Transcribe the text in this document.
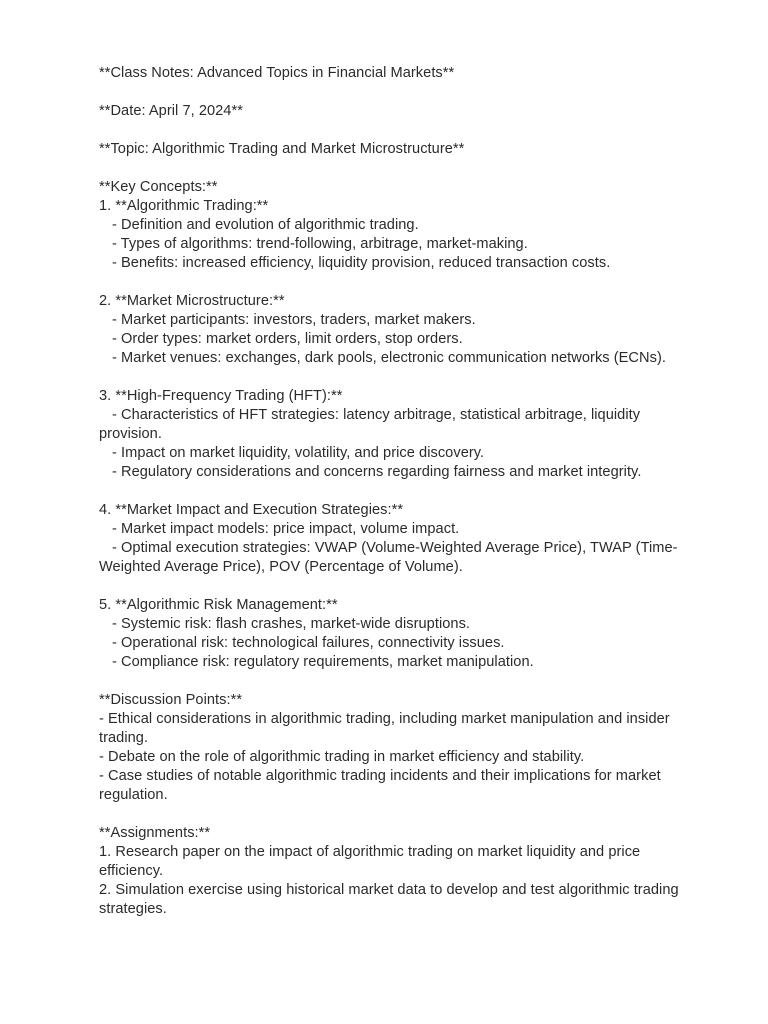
**Class Notes: Advanced Topics in Financial Markets**
**Date: April 7, 2024**
**Topic: Algorithmic Trading and Market Microstructure**
**Key Concepts:**
1. **Algorithmic Trading:**
- Definition and evolution of algorithmic trading.
- Types of algorithms: trend-following, arbitrage, market-making.
- Benefits: increased efficiency, liquidity provision, reduced transaction costs.
2. **Market Microstructure:**
- Market participants: investors, traders, market makers.
- Order types: market orders, limit orders, stop orders.
- Market venues: exchanges, dark pools, electronic communication networks (ECNs).
3. **High-Frequency Trading (HFT):**
- Characteristics of HFT strategies: latency arbitrage, statistical arbitrage, liquidity provision.
- Impact on market liquidity, volatility, and price discovery.
- Regulatory considerations and concerns regarding fairness and market integrity.
4. **Market Impact and Execution Strategies:**
- Market impact models: price impact, volume impact.
- Optimal execution strategies: VWAP (Volume-Weighted Average Price), TWAP (Time-Weighted Average Price), POV (Percentage of Volume).
5. **Algorithmic Risk Management:**
- Systemic risk: flash crashes, market-wide disruptions.
- Operational risk: technological failures, connectivity issues.
- Compliance risk: regulatory requirements, market manipulation.
**Discussion Points:**
- Ethical considerations in algorithmic trading, including market manipulation and insider trading.
- Debate on the role of algorithmic trading in market efficiency and stability.
- Case studies of notable algorithmic trading incidents and their implications for market regulation.
**Assignments:**
1. Research paper on the impact of algorithmic trading on market liquidity and price efficiency.
2. Simulation exercise using historical market data to develop and test algorithmic trading strategies.
